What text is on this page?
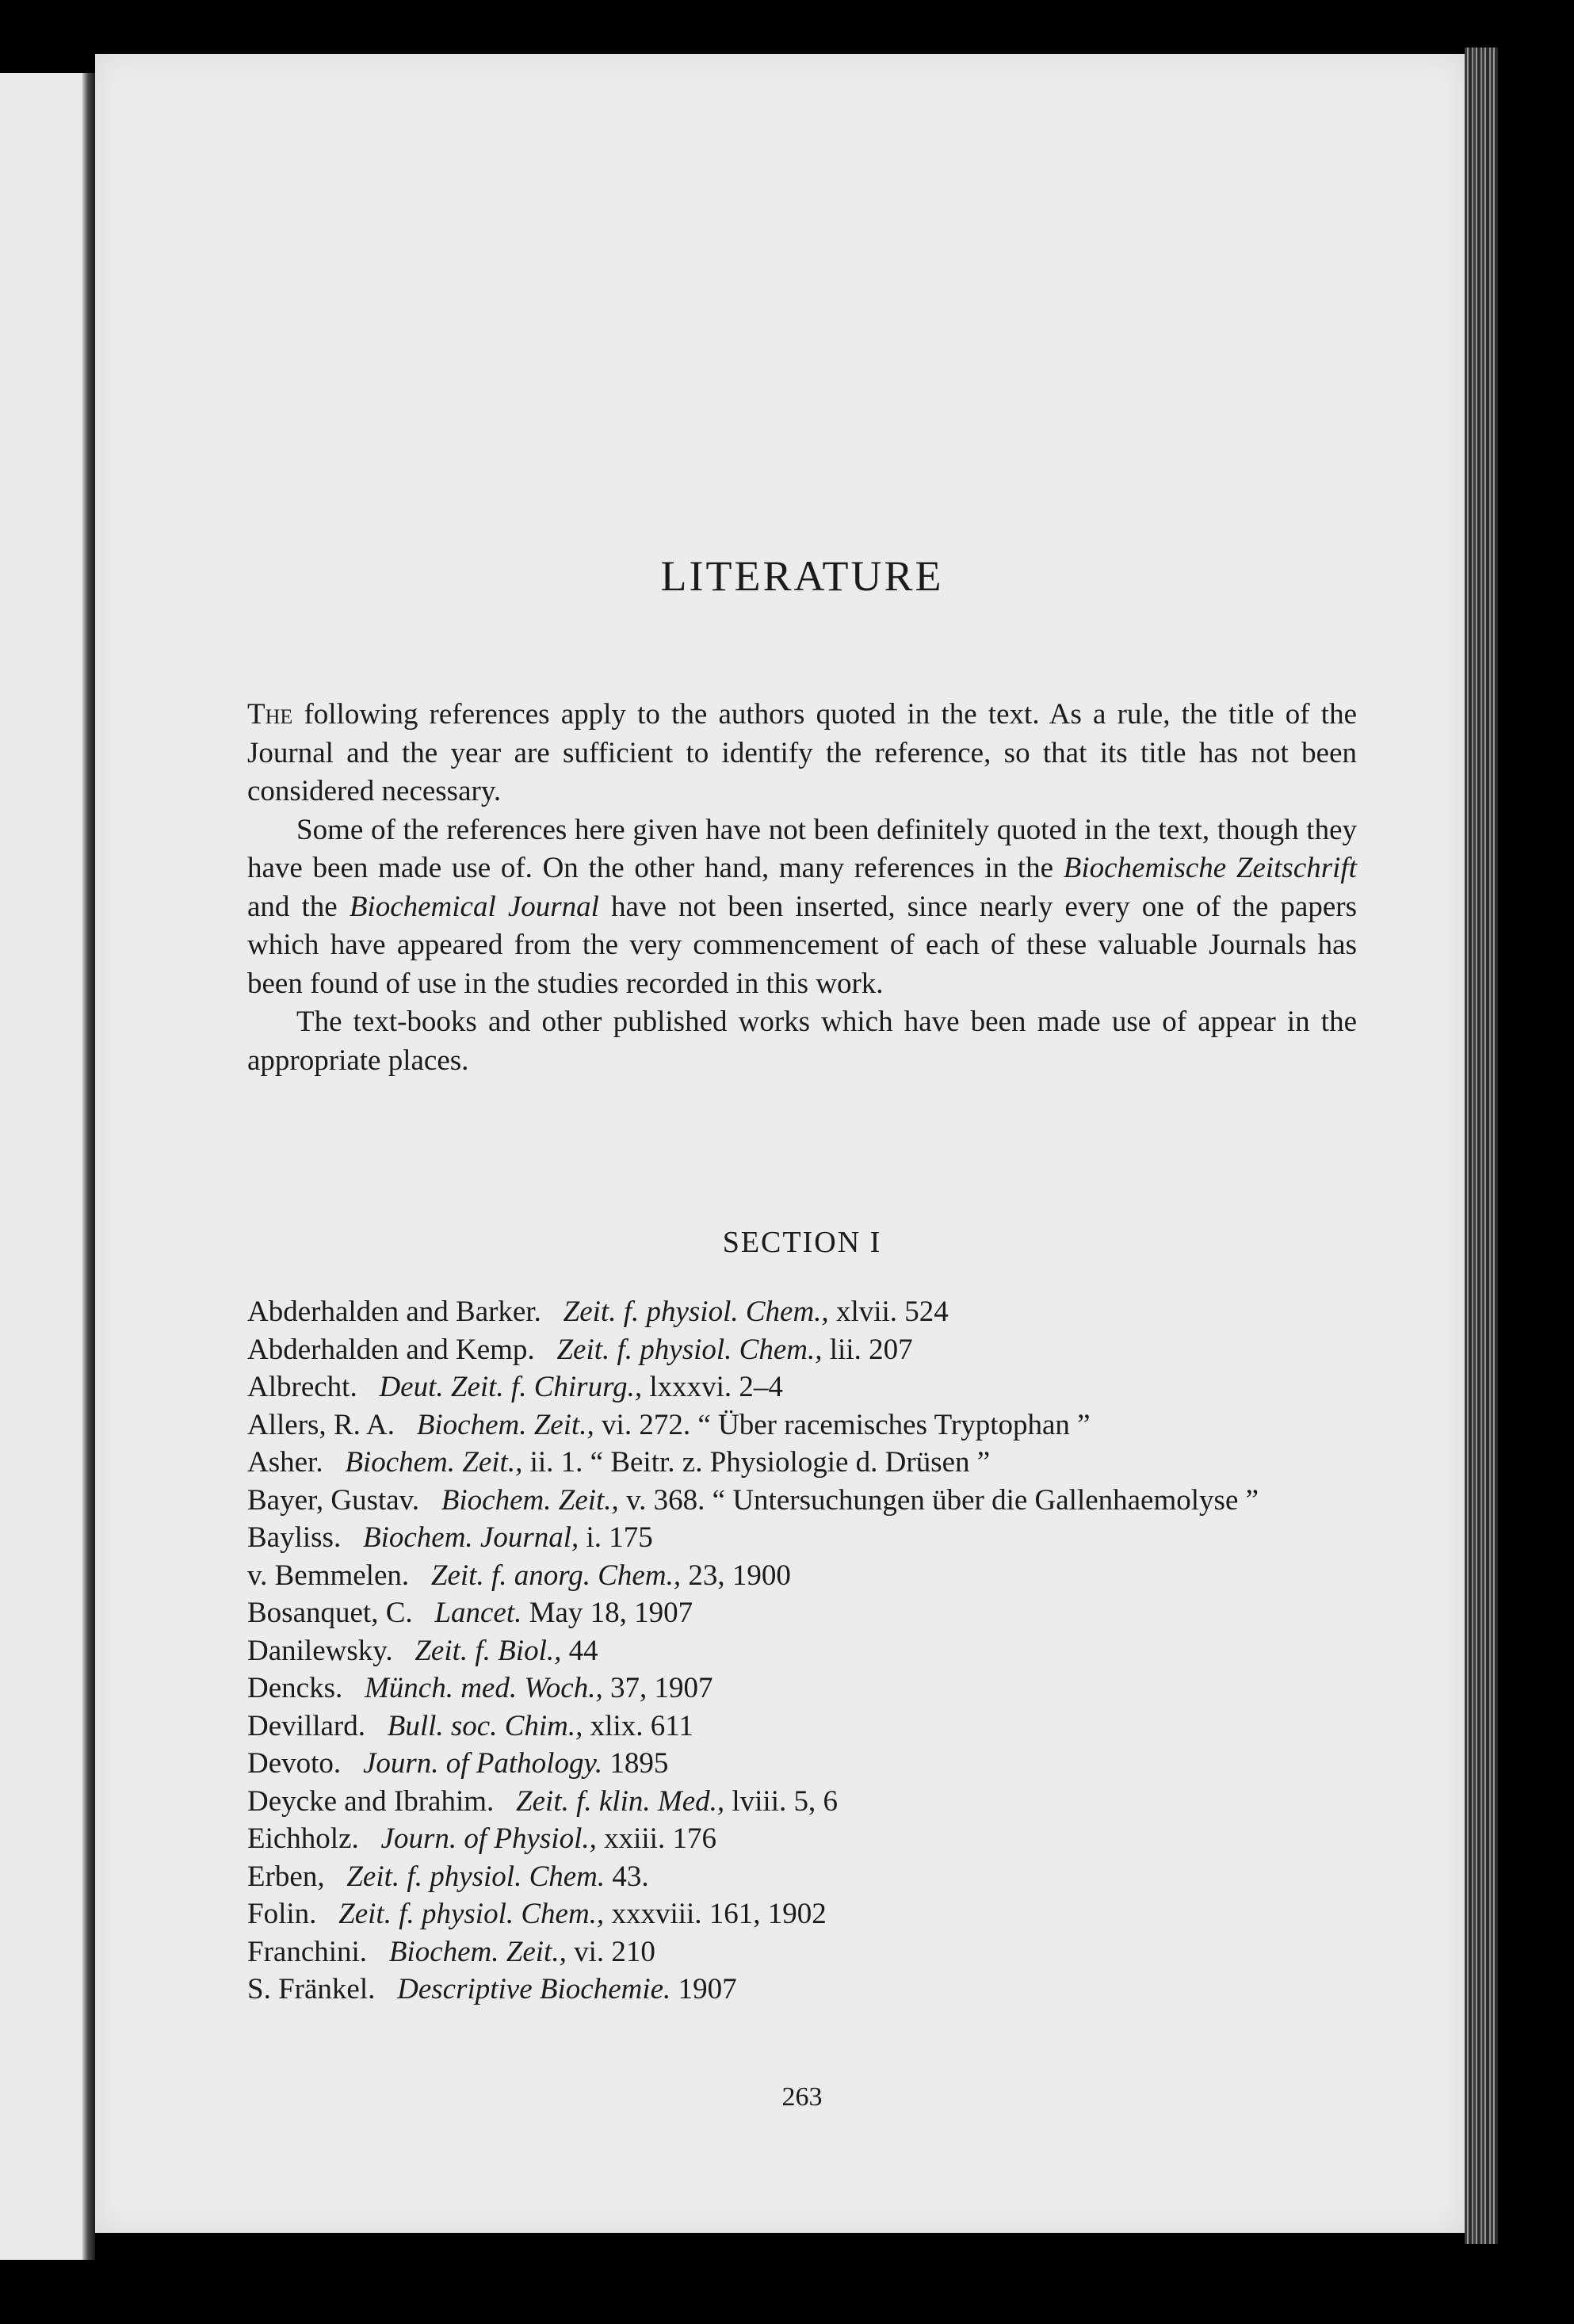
LITERATURE

The following references apply to the authors quoted in the text. As a rule, the title of the Journal and the year are sufficient to identify the reference, so that its title has not been considered necessary.

Some of the references here given have not been definitely quoted in the text, though they have been made use of. On the other hand, many references in the Biochemische Zeitschrift and the Biochemical Journal have not been inserted, since nearly every one of the papers which have appeared from the very commencement of each of these valuable Journals has been found of use in the studies recorded in this work.

The text-books and other published works which have been made use of appear in the appropriate places.

SECTION I
Abderhalden and Barker.  Zeit. f. physiol. Chem., xlvii. 524
Abderhalden and Kemp.  Zeit. f. physiol. Chem., lii. 207
Albrecht.  Deut. Zeit. f. Chirurg., lxxxvi. 2–4
Allers, R. A.  Biochem. Zeit., vi. 272. “ Über racemisches Tryptophan ”
Asher.  Biochem. Zeit., ii. 1. “ Beitr. z. Physiologie d. Drüsen ”
Bayer, Gustav.  Biochem. Zeit., v. 368. “ Untersuchungen über die Gallenhaemolyse ”
Bayliss.  Biochem. Journal, i. 175
v. Bemmelen.  Zeit. f. anorg. Chem., 23, 1900
Bosanquet, C.  Lancet. May 18, 1907
Danilewsky.  Zeit. f. Biol., 44
Dencks.  Münch. med. Woch., 37, 1907
Devillard.  Bull. soc. Chim., xlix. 611
Devoto.  Journ. of Pathology. 1895
Deycke and Ibrahim.  Zeit. f. klin. Med., lviii. 5, 6
Eichholz.  Journ. of Physiol., xxiii. 176
Erben,  Zeit. f. physiol. Chem. 43.
Folin.  Zeit. f. physiol. Chem., xxxviii. 161, 1902
Franchini.  Biochem. Zeit., vi. 210
S. Fränkel.  Descriptive Biochemie. 1907
263
